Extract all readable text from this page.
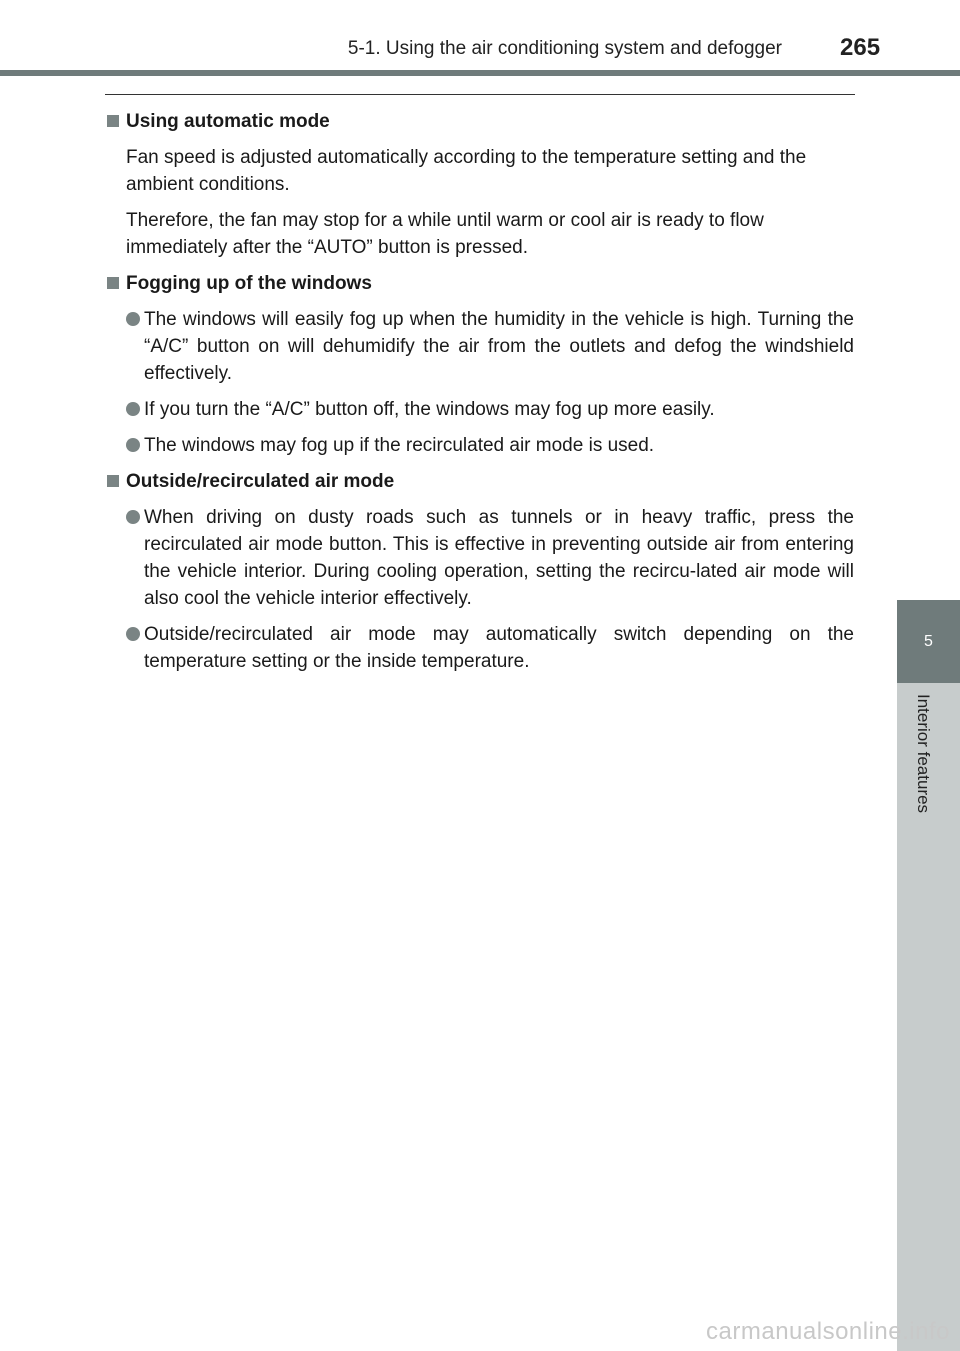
5-1. Using the air conditioning system and defogger 265
5
Interior features
Using automatic mode
Fan speed is adjusted automatically according to the temperature setting and the ambient conditions.
Therefore, the fan may stop for a while until warm or cool air is ready to flow immediately after the “AUTO” button is pressed.
Fogging up of the windows
The windows will easily fog up when the humidity in the vehicle is high. Turning the “A/C” button on will dehumidify the air from the outlets and defog the windshield effectively.
If you turn the “A/C” button off, the windows may fog up more easily.
The windows may fog up if the recirculated air mode is used.
Outside/recirculated air mode
When driving on dusty roads such as tunnels or in heavy traffic, press the recirculated air mode button. This is effective in preventing outside air from entering the vehicle interior. During cooling operation, setting the recircu-lated air mode will also cool the vehicle interior effectively.
Outside/recirculated air mode may automatically switch depending on the temperature setting or the inside temperature.
carmanualsonline.info
